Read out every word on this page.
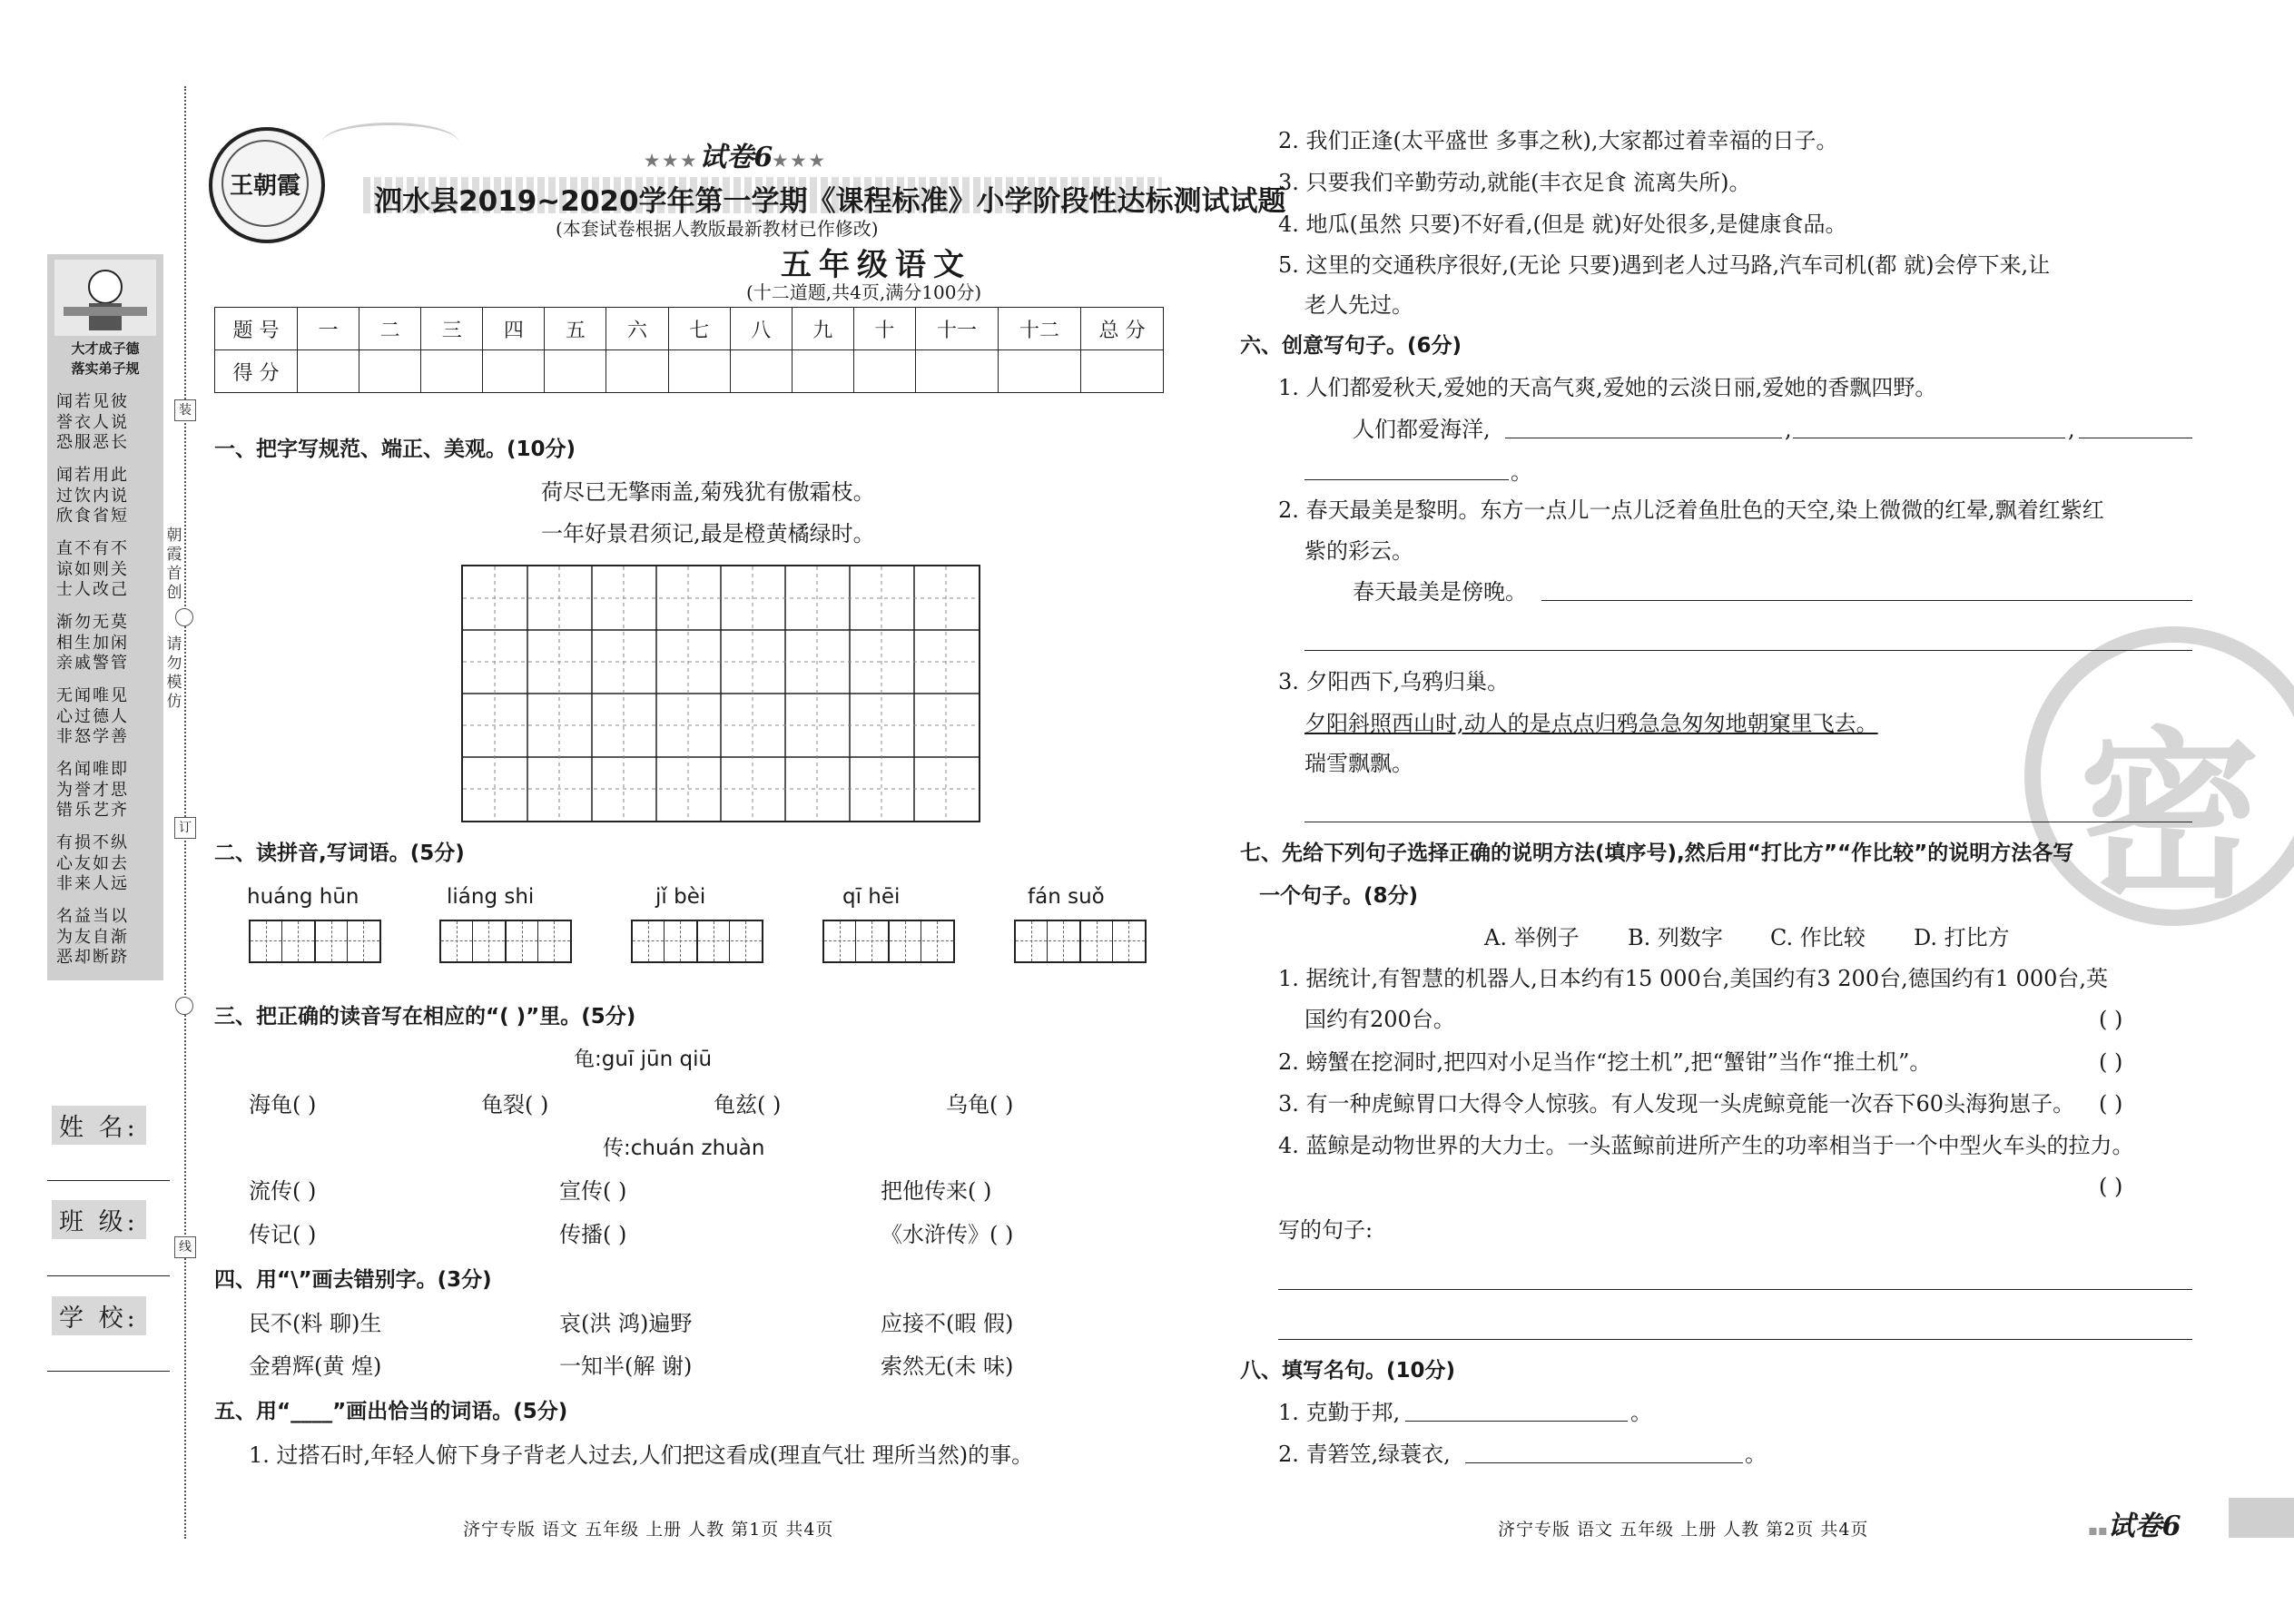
装
朝霞首创
请勿模仿
订
线
大才成子德
落实弟子规
闻若见彼
誉衣人说
恐服恶长
闻若用此
过饮内说
欣食省短
直不有不
谅如则关
士人改己
渐勿无莫
相生加闲
亲戚警管
无闻唯见
心过德人
非怒学善
名闻唯即
为誉才思
错乐艺齐
有损不纵
心友如去
非来人远
名益当以
为友自渐
恶却断跻
姓 名:
班 级:
学 校:
王朝霞
★★★试卷6★★★
泗水县2019~2020学年第一学期《课程标准》小学阶段性达标测试试题
(本套试卷根据人教版最新教材已作修改)
五年级语文
(十二道题,共4页,满分100分)
题 号	一	二	三	四	五	六	七	八	九	十	十一	十二	总 分
得 分													
一、把字写规范、端正、美观。(10分)
荷尽已无擎雨盖,菊残犹有傲霜枝。
一年好景君须记,最是橙黄橘绿时。
二、读拼音,写词语。(5分)
huáng hūn	liáng shi	jǐ bèi	qī hēi	fán suǒ
三、把正确的读音写在相应的“( )”里。(5分)
龟:guī jūn qiū
海龟( )	龟裂( )	龟兹( )	乌龟( )
传:chuán zhuàn
流传( )	宣传( )	把他传来( )
传记( )	传播( )	《水浒传》( )
四、用“\”画去错别字。(3分)
民不(料 聊)生	哀(洪 鸿)遍野	应接不(暇 假)
金碧辉(黄 煌)	一知半(解 谢)	索然无(未 味)
五、用“____”画出恰当的词语。(5分)
1. 过搭石时,年轻人俯下身子背老人过去,人们把这看成(理直气壮 理所当然)的事。
2. 我们正逢(太平盛世 多事之秋),大家都过着幸福的日子。
3. 只要我们辛勤劳动,就能(丰衣足食 流离失所)。
4. 地瓜(虽然 只要)不好看,(但是 就)好处很多,是健康食品。
5. 这里的交通秩序很好,(无论 只要)遇到老人过马路,汽车司机(都 就)会停下来,让
老人先过。
密
六、创意写句子。(6分)
1. 人们都爱秋天,爱她的天高气爽,爱她的云淡日丽,爱她的香飘四野。
人们都爱海洋,	,	,
。
2. 春天最美是黎明。东方一点儿一点儿泛着鱼肚色的天空,染上微微的红晕,飘着红紫红
紫的彩云。
春天最美是傍晚。
3. 夕阳西下,乌鸦归巢。
夕阳斜照西山时,动人的是点点归鸦急急匆匆地朝窠里飞去。
瑞雪飘飘。
七、先给下列句子选择正确的说明方法(填序号),然后用“打比方”“作比较”的说明方法各写
一个句子。(8分)
A. 举例子 B. 列数字 C. 作比较 D. 打比方
1. 据统计,有智慧的机器人,日本约有15 000台,美国约有3 200台,德国约有1 000台,英
国约有200台。	( )
2. 螃蟹在挖洞时,把四对小足当作“挖土机”,把“蟹钳”当作“推土机”。	( )
3. 有一种虎鲸胃口大得令人惊骇。有人发现一头虎鲸竟能一次吞下60头海狗崽子。 ( )
4. 蓝鲸是动物世界的大力士。一头蓝鲸前进所产生的功率相当于一个中型火车头的拉力。
( )
写的句子:
八、填写名句。(10分)
1. 克勤于邦,	。
2. 青箬笠,绿蓑衣,	。
济宁专版 语文 五年级 上册 人教 第1页 共4页	济宁专版 语文 五年级 上册 人教 第2页 共4页	▪▪试卷6
